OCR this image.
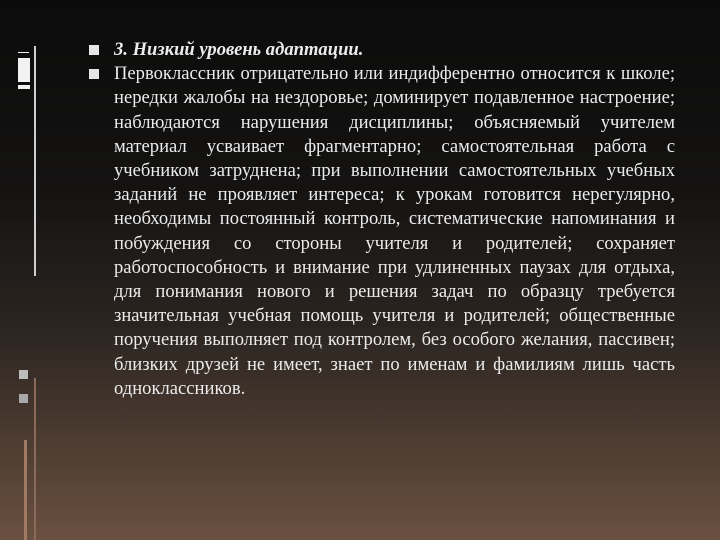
3. Низкий уровень адаптации.
Первоклассник отрицательно или индифферентно относится к школе; нередки жалобы на нездоровье; доминирует подавленное настроение; наблюдаются нарушения дисциплины; объясняемый учителем материал усваивает фрагментарно; самостоятельная работа с учебником затруднена; при выполнении самостоятельных учебных заданий не проявляет интереса; к урокам готовится нерегулярно, необходимы постоянный контроль, систематические напоминания и побуждения со стороны учителя и родителей; сохраняет работоспособность и внимание при удлиненных паузах для отдыха, для понимания нового и решения задач по образцу требуется значительная учебная помощь учителя и родителей; общественные поручения выполняет под контролем, без особого желания, пассивен; близких друзей не имеет, знает по именам и фамилиям лишь часть одноклассников.
